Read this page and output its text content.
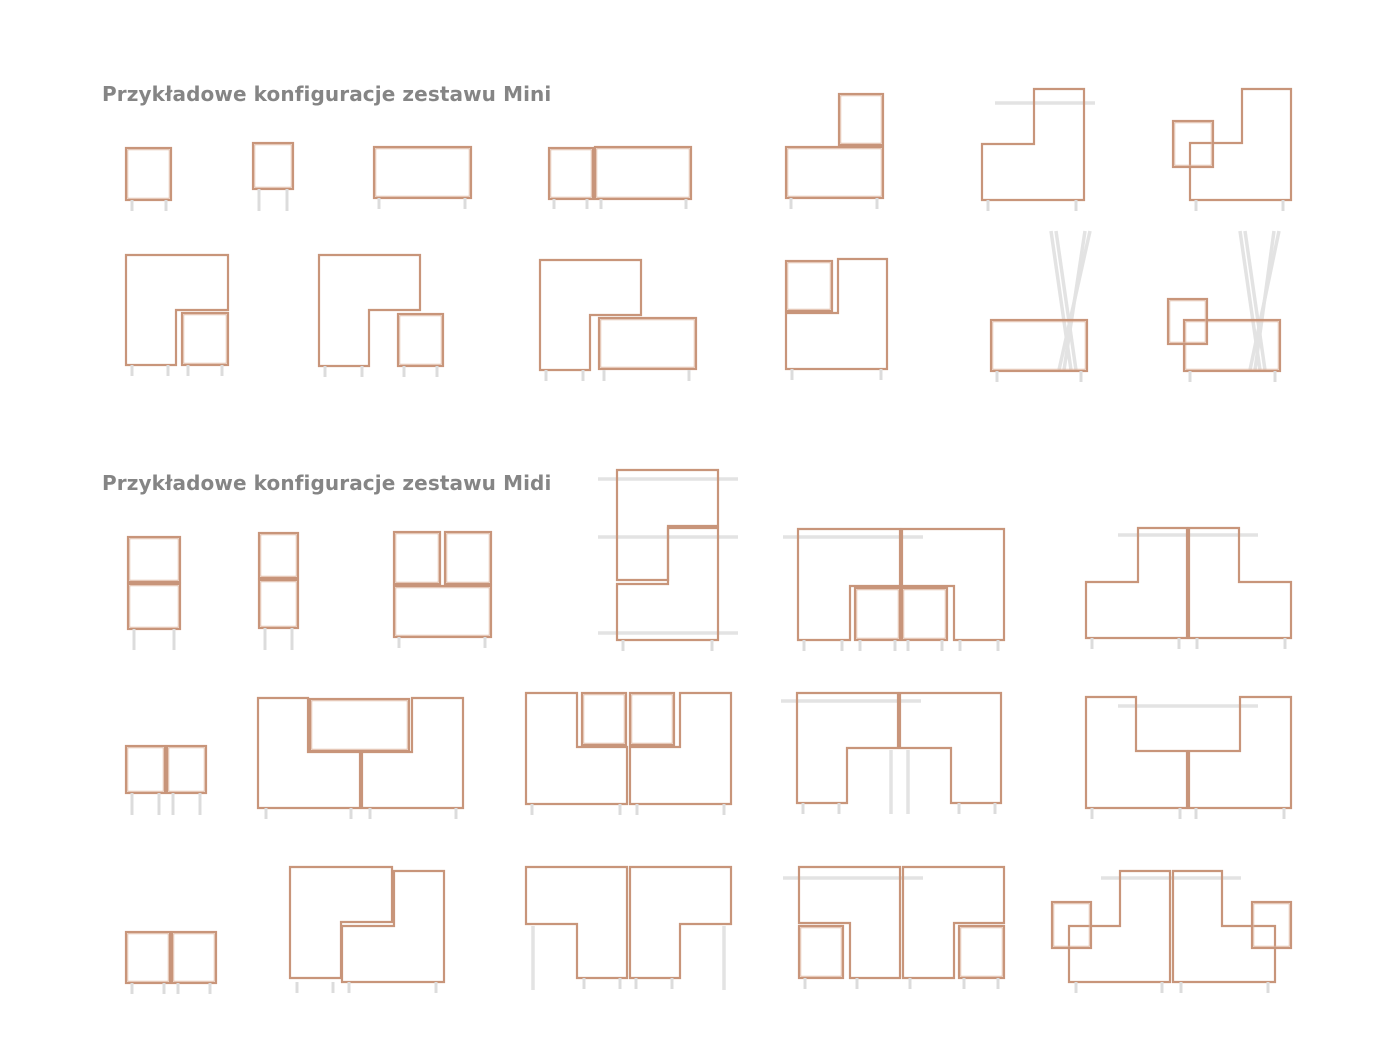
Przykładowe konfiguracje zestawu Mini
Przykładowe konfiguracje zestawu Midi
